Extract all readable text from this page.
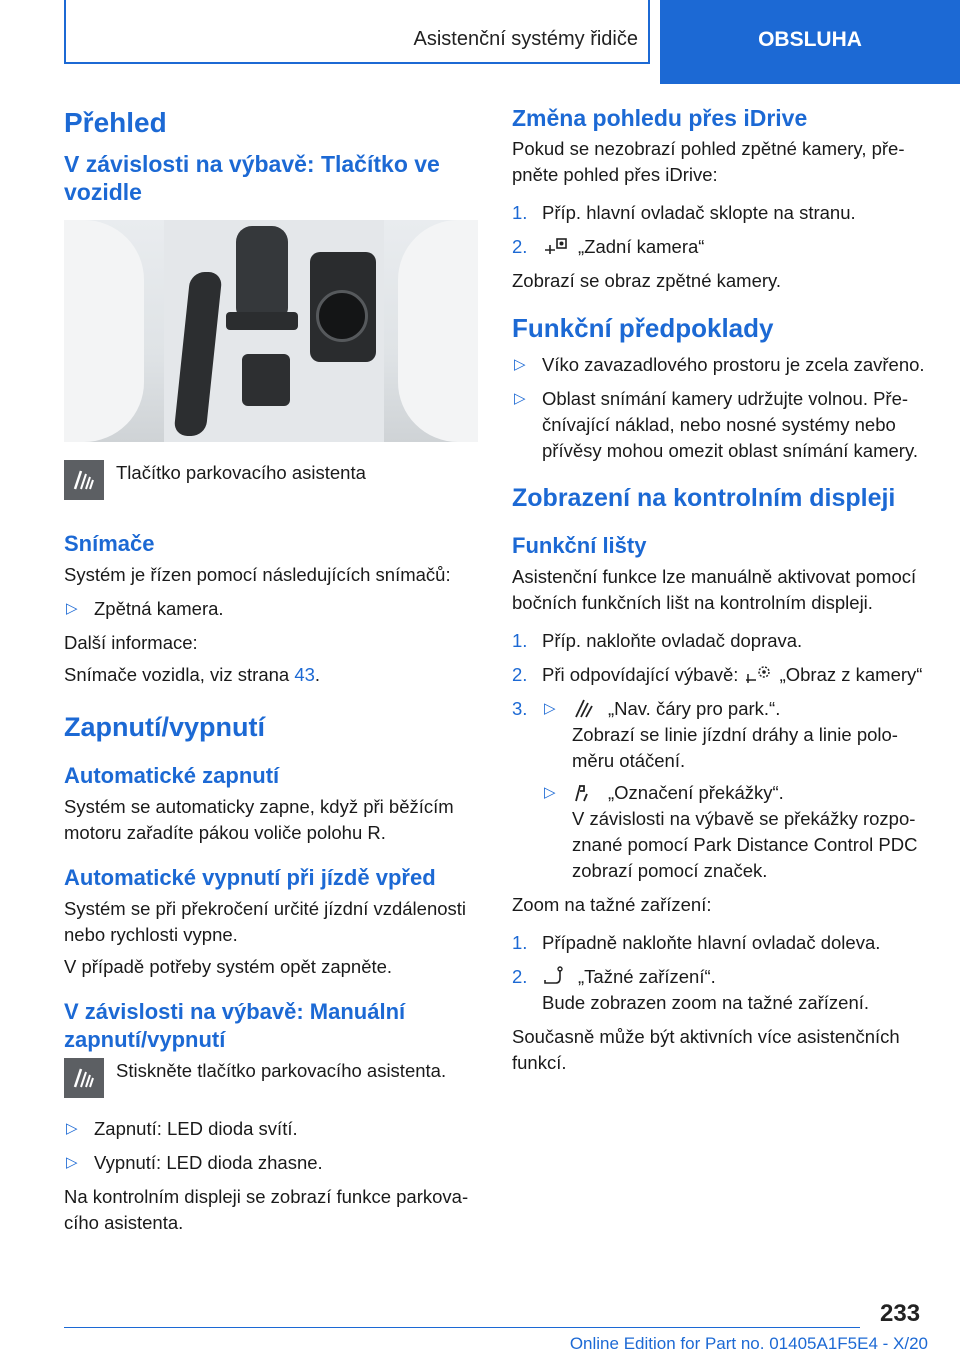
Asistenční systémy řidiče	OBSLUHA
Přehled
V závislosti na výbavě: Tlačítko ve vozidle

Tlačítko parkovacího asistenta

Snímače

Systém je řízen pomocí následujících snímačů:

▷ Zpětná kamera.

Další informace:

Snímače vozidla, viz strana 43.

Zapnutí/vypnutí
Automatické zapnutí

Systém se automaticky zapne, když při běžícím motoru zařadíte pákou voliče polohu R.

Automatické vypnutí při jízdě vpřed

Systém se při překročení určité jízdní vzdálenosti nebo rychlosti vypne.

V případě potřeby systém opět zapněte.

V závislosti na výbavě: Manuální zapnutí/vypnutí

Stiskněte tlačítko parkovacího asistenta.

▷ Zapnutí: LED dioda svítí.
▷ Vypnutí: LED dioda zhasne.

Na kontrolním displeji se zobrazí funkce parkova-cího asistenta.

Změna pohledu přes iDrive

Pokud se nezobrazí pohled zpětné kamery, pře-pněte pohled přes iDrive:

1. Příp. hlavní ovladač sklopte na stranu.
2.	„Zadní kamera“

Zobrazí se obraz zpětné kamery.

Funkční předpoklady
▷ Víko zavazadlového prostoru je zcela zavřeno.
▷ Oblast snímání kamery udržujte volnou. Pře-čnívající náklad, nebo nosné systémy nebo přívěsy mohou omezit oblast snímání kamery.
Zobrazení na kontrolním displeji
Funkční lišty

Asistenční funkce lze manuálně aktivovat pomocí bočních funkčních lišt na kontrolním displeji.

1. Příp. nakloňte ovladač doprava.
2. Při odpovídající výbavě: „Obraz z kamery“
3. ▷	„Nav. čáry pro park.“.
Zobrazí se linie jízdní dráhy a linie polo-měru otáčení.
▷	„Označení překážky“.
V závislosti na výbavě se překážky rozpo-znané pomocí Park Distance Control PDC zobrazí pomocí značek.

Zoom na tažné zařízení:

1. Případně nakloňte hlavní ovladač doleva.
2.	„Tažné zařízení“.
Bude zobrazen zoom na tažné zařízení.

Současně může být aktivních více asistenčních funkcí.

233
Online Edition for Part no. 01405A1F5E4 - X/20
